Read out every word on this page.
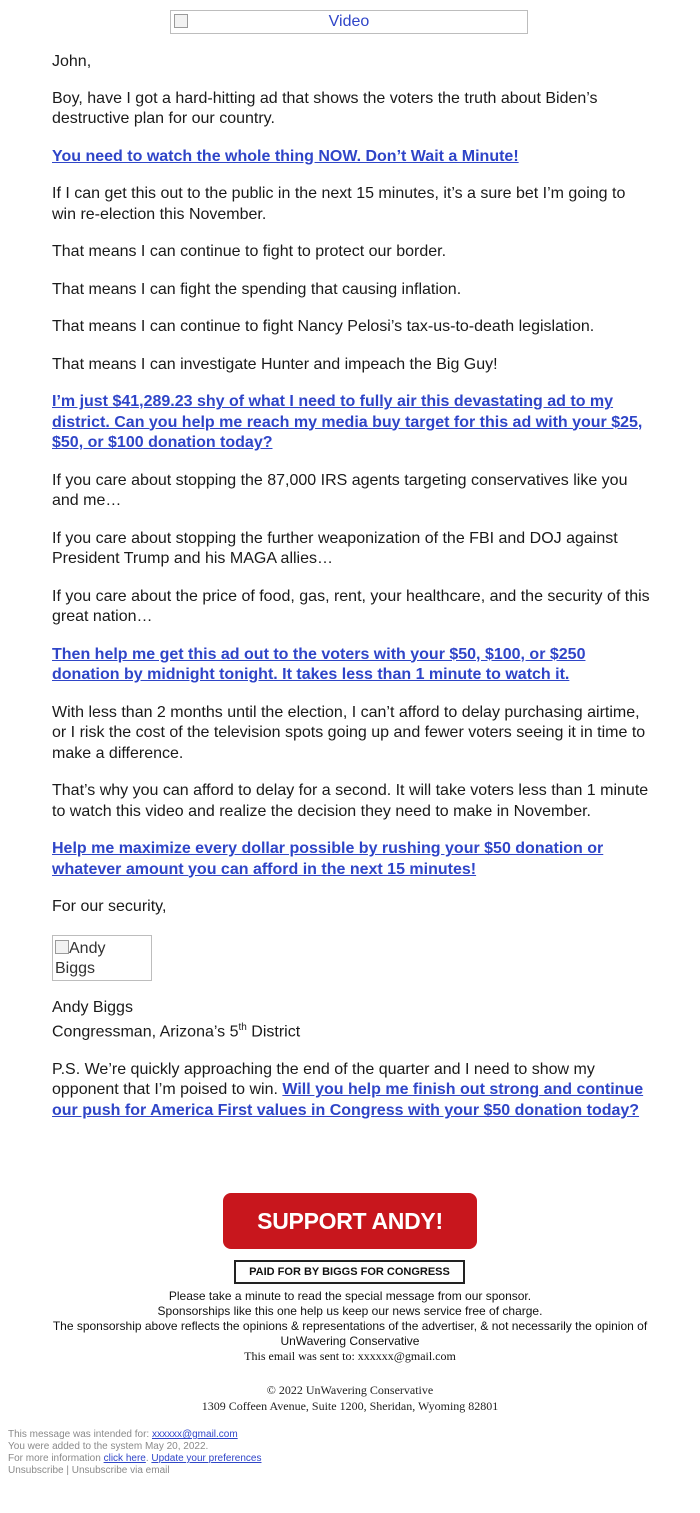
Video

John,

Boy, have I got a hard-hitting ad that shows the voters the truth about Biden’s destructive plan for our country.

You need to watch the whole thing NOW. Don’t Wait a Minute!

If I can get this out to the public in the next 15 minutes, it’s a sure bet I’m going to win re-election this November.

That means I can continue to fight to protect our border.

That means I can fight the spending that causing inflation.

That means I can continue to fight Nancy Pelosi’s tax-us-to-death legislation.

That means I can investigate Hunter and impeach the Big Guy!

I’m just $41,289.23 shy of what I need to fully air this devastating ad to my district. Can you help me reach my media buy target for this ad with your $25, $50, or $100 donation today?

If you care about stopping the 87,000 IRS agents targeting conservatives like you and me…

If you care about stopping the further weaponization of the FBI and DOJ against President Trump and his MAGA allies…

If you care about the price of food, gas, rent, your healthcare, and the security of this great nation…

Then help me get this ad out to the voters with your $50, $100, or $250 donation by midnight tonight. It takes less than 1 minute to watch it.

With less than 2 months until the election, I can’t afford to delay purchasing airtime, or I risk the cost of the television spots going up and fewer voters seeing it in time to make a difference.

That’s why you can afford to delay for a second. It will take voters less than 1 minute to watch this video and realize the decision they need to make in November.

Help me maximize every dollar possible by rushing your $50 donation or whatever amount you can afford in the next 15 minutes!

For our security,

Andy Biggs
Andy Biggs
Congressman, Arizona’s 5th District

P.S. We’re quickly approaching the end of the quarter and I need to show my opponent that I’m poised to win. Will you help me finish out strong and continue our push for America First values in Congress with your $50 donation today?

SUPPORT ANDY!
PAID FOR BY BIGGS FOR CONGRESS
Please take a minute to read the special message from our sponsor.
Sponsorships like this one help us keep our news service free of charge.
The sponsorship above reflects the opinions & representations of the advertiser, & not necessarily the opinion of UnWavering Conservative
This email was sent to: xxxxxx@gmail.com
© 2022 UnWavering Conservative
1309 Coffeen Avenue, Suite 1200, Sheridan, Wyoming 82801
This message was intended for: xxxxxx@gmail.com
You were added to the system May 20, 2022.
For more information click here. Update your preferences
Unsubscribe | Unsubscribe via email
